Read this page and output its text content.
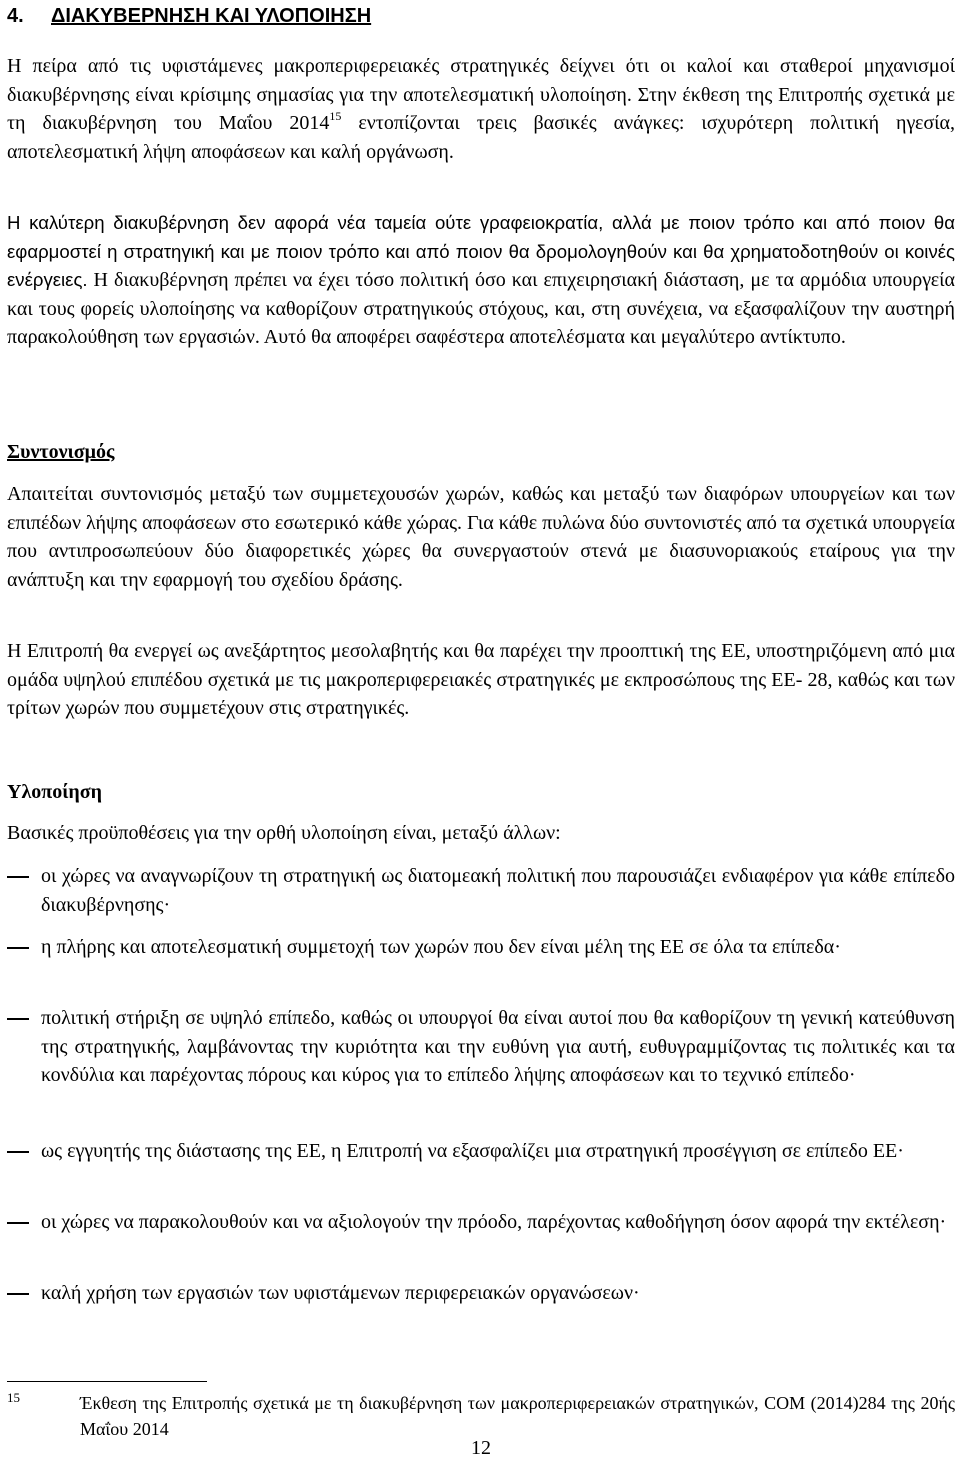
4. ΔΙΑΚΥΒΕΡΝΗΣΗ ΚΑΙ ΥΛΟΠΟΙΗΣΗ

Η πείρα από τις υφιστάμενες μακροπεριφερειακές στρατηγικές δείχνει ότι οι καλοί και σταθεροί μηχανισμοί διακυβέρνησης είναι κρίσιμης σημασίας για την αποτελεσματική υλοποίηση. Στην έκθεση της Επιτροπής σχετικά με τη διακυβέρνηση του Μαΐου 2014$^{15}$ εντοπίζονται τρεις βασικές ανάγκες: ισχυρότερη πολιτική ηγεσία, αποτελεσματική λήψη αποφάσεων και καλή οργάνωση.

Η καλύτερη διακυβέρνηση δεν αφορά νέα ταμεία ούτε γραφειοκρατία, αλλά με ποιον τρόπο και από ποιον θα εφαρμοστεί η στρατηγική και με ποιον τρόπο και από ποιον θα δρομολογηθούν και θα χρηματοδοτηθούν οι κοινές ενέργειες. Η διακυβέρνηση πρέπει να έχει τόσο πολιτική όσο και επιχειρησιακή διάσταση, με τα αρμόδια υπουργεία και τους φορείς υλοποίησης να καθορίζουν στρατηγικούς στόχους, και, στη συνέχεια, να εξασφαλίζουν την αυστηρή παρακολούθηση των εργασιών. Αυτό θα αποφέρει σαφέστερα αποτελέσματα και μεγαλύτερο αντίκτυπο.

Συντονισμός

Απαιτείται συντονισμός μεταξύ των συμμετεχουσών χωρών, καθώς και μεταξύ των διαφόρων υπουργείων και των επιπέδων λήψης αποφάσεων στο εσωτερικό κάθε χώρας. Για κάθε πυλώνα δύο συντονιστές από τα σχετικά υπουργεία που αντιπροσωπεύουν δύο διαφορετικές χώρες θα συνεργαστούν στενά με διασυνοριακούς εταίρους για την ανάπτυξη και την εφαρμογή του σχεδίου δράσης.

Η Επιτροπή θα ενεργεί ως ανεξάρτητος μεσολαβητής και θα παρέχει την προοπτική της ΕΕ, υποστηριζόμενη από μια ομάδα υψηλού επιπέδου σχετικά με τις μακροπεριφερειακές στρατηγικές με εκπροσώπους της ΕΕ- 28, καθώς και των τρίτων χωρών που συμμετέχουν στις στρατηγικές.

Υλοποίηση

Βασικές προϋποθέσεις για την ορθή υλοποίηση είναι, μεταξύ άλλων:

οι χώρες να αναγνωρίζουν τη στρατηγική ως διατομεακή πολιτική που παρουσιάζει ενδιαφέρον για κάθε επίπεδο διακυβέρνησης·
η πλήρης και αποτελεσματική συμμετοχή των χωρών που δεν είναι μέλη της ΕΕ σε όλα τα επίπεδα·
πολιτική στήριξη σε υψηλό επίπεδο, καθώς οι υπουργοί θα είναι αυτοί που θα καθορίζουν τη γενική κατεύθυνση της στρατηγικής, λαμβάνοντας την κυριότητα και την ευθύνη για αυτή, ευθυγραμμίζοντας τις πολιτικές και τα κονδύλια και παρέχοντας πόρους και κύρος για το επίπεδο λήψης αποφάσεων και το τεχνικό επίπεδο·
ως εγγυητής της διάστασης της ΕΕ, η Επιτροπή να εξασφαλίζει μια στρατηγική προσέγγιση σε επίπεδο ΕΕ·
οι χώρες να παρακολουθούν και να αξιολογούν την πρόοδο, παρέχοντας καθοδήγηση όσον αφορά την εκτέλεση·
καλή χρήση των εργασιών των υφιστάμενων περιφερειακών οργανώσεων·
15	Έκθεση της Επιτροπής σχετικά με τη διακυβέρνηση των μακροπεριφερειακών στρατηγικών, COM (2014)284 της 20ής Μαΐου 2014
12
